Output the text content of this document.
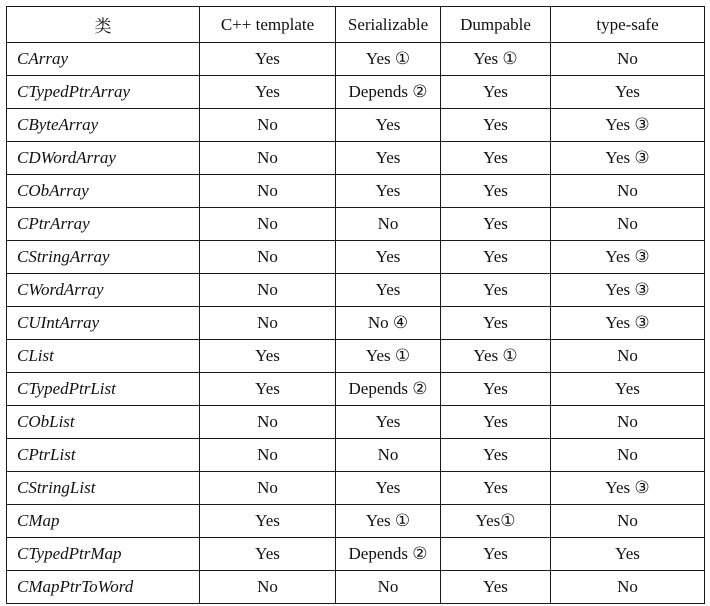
类	C++ template	Serializable	Dumpable	type-safe
CArray	Yes	Yes ①	Yes ①	No
CTypedPtrArray	Yes	Depends ②	Yes	Yes
CByteArray	No	Yes	Yes	Yes ③
CDWordArray	No	Yes	Yes	Yes ③
CObArray	No	Yes	Yes	No
CPtrArray	No	No	Yes	No
CStringArray	No	Yes	Yes	Yes ③
CWordArray	No	Yes	Yes	Yes ③
CUIntArray	No	No ④	Yes	Yes ③
CList	Yes	Yes ①	Yes ①	No
CTypedPtrList	Yes	Depends ②	Yes	Yes
CObList	No	Yes	Yes	No
CPtrList	No	No	Yes	No
CStringList	No	Yes	Yes	Yes ③
CMap	Yes	Yes ①	Yes①	No
CTypedPtrMap	Yes	Depends ②	Yes	Yes
CMapPtrToWord	No	No	Yes	No
